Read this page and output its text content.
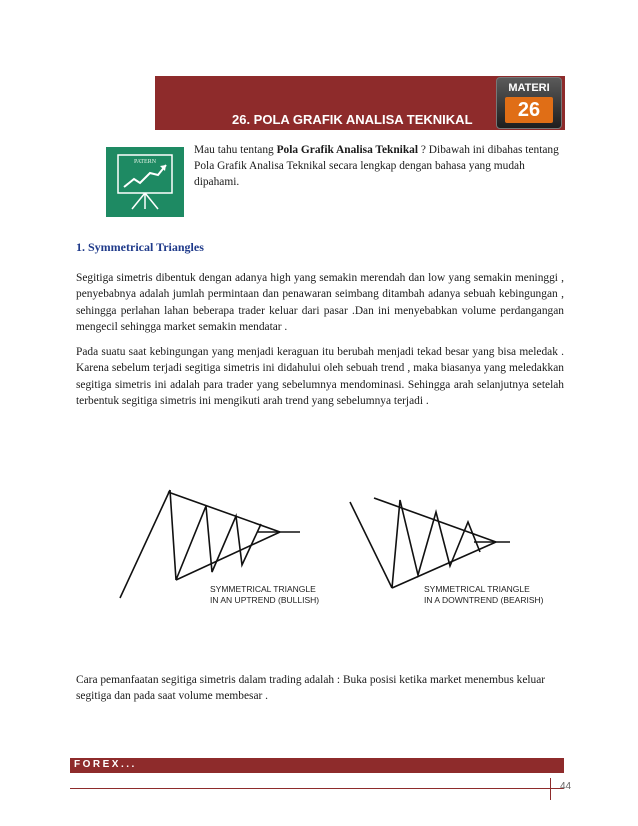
26. POLA GRAFIK ANALISA TEKNIKAL
MATERI
26
PATERN
Mau tahu tentang Pola Grafik Analisa Teknikal ? Dibawah ini dibahas tentang Pola Grafik Analisa Teknikal secara lengkap dengan bahasa yang mudah dipahami.
1. Symmetrical Triangles
Segitiga simetris dibentuk dengan adanya high yang semakin merendah dan low yang semakin meninggi , penyebabnya adalah jumlah permintaan dan penawaran seimbang ditambah adanya sebuah kebingungan , sehingga perlahan lahan beberapa trader keluar dari pasar .Dan ini menyebabkan volume perdangangan mengecil sehingga market semakin mendatar .
Pada suatu saat kebingungan yang menjadi keraguan itu berubah menjadi tekad besar yang bisa meledak . Karena sebelum terjadi segitiga simetris ini didahului oleh sebuah trend , maka biasanya yang meledakkan segitiga simetris ini adalah para trader yang sebelumnya mendominasi. Sehingga arah selanjutnya setelah terbentuk segitiga simetris ini mengikuti arah trend yang sebelumnya terjadi .
SYMMETRICAL TRIANGLE
IN AN UPTREND (BULLISH)
SYMMETRICAL TRIANGLE
IN A DOWNTREND (BEARISH)
Cara pemanfaatan segitiga simetris dalam trading adalah : Buka posisi ketika market menembus keluar segitiga dan pada saat volume membesar .
FOREX...
44
